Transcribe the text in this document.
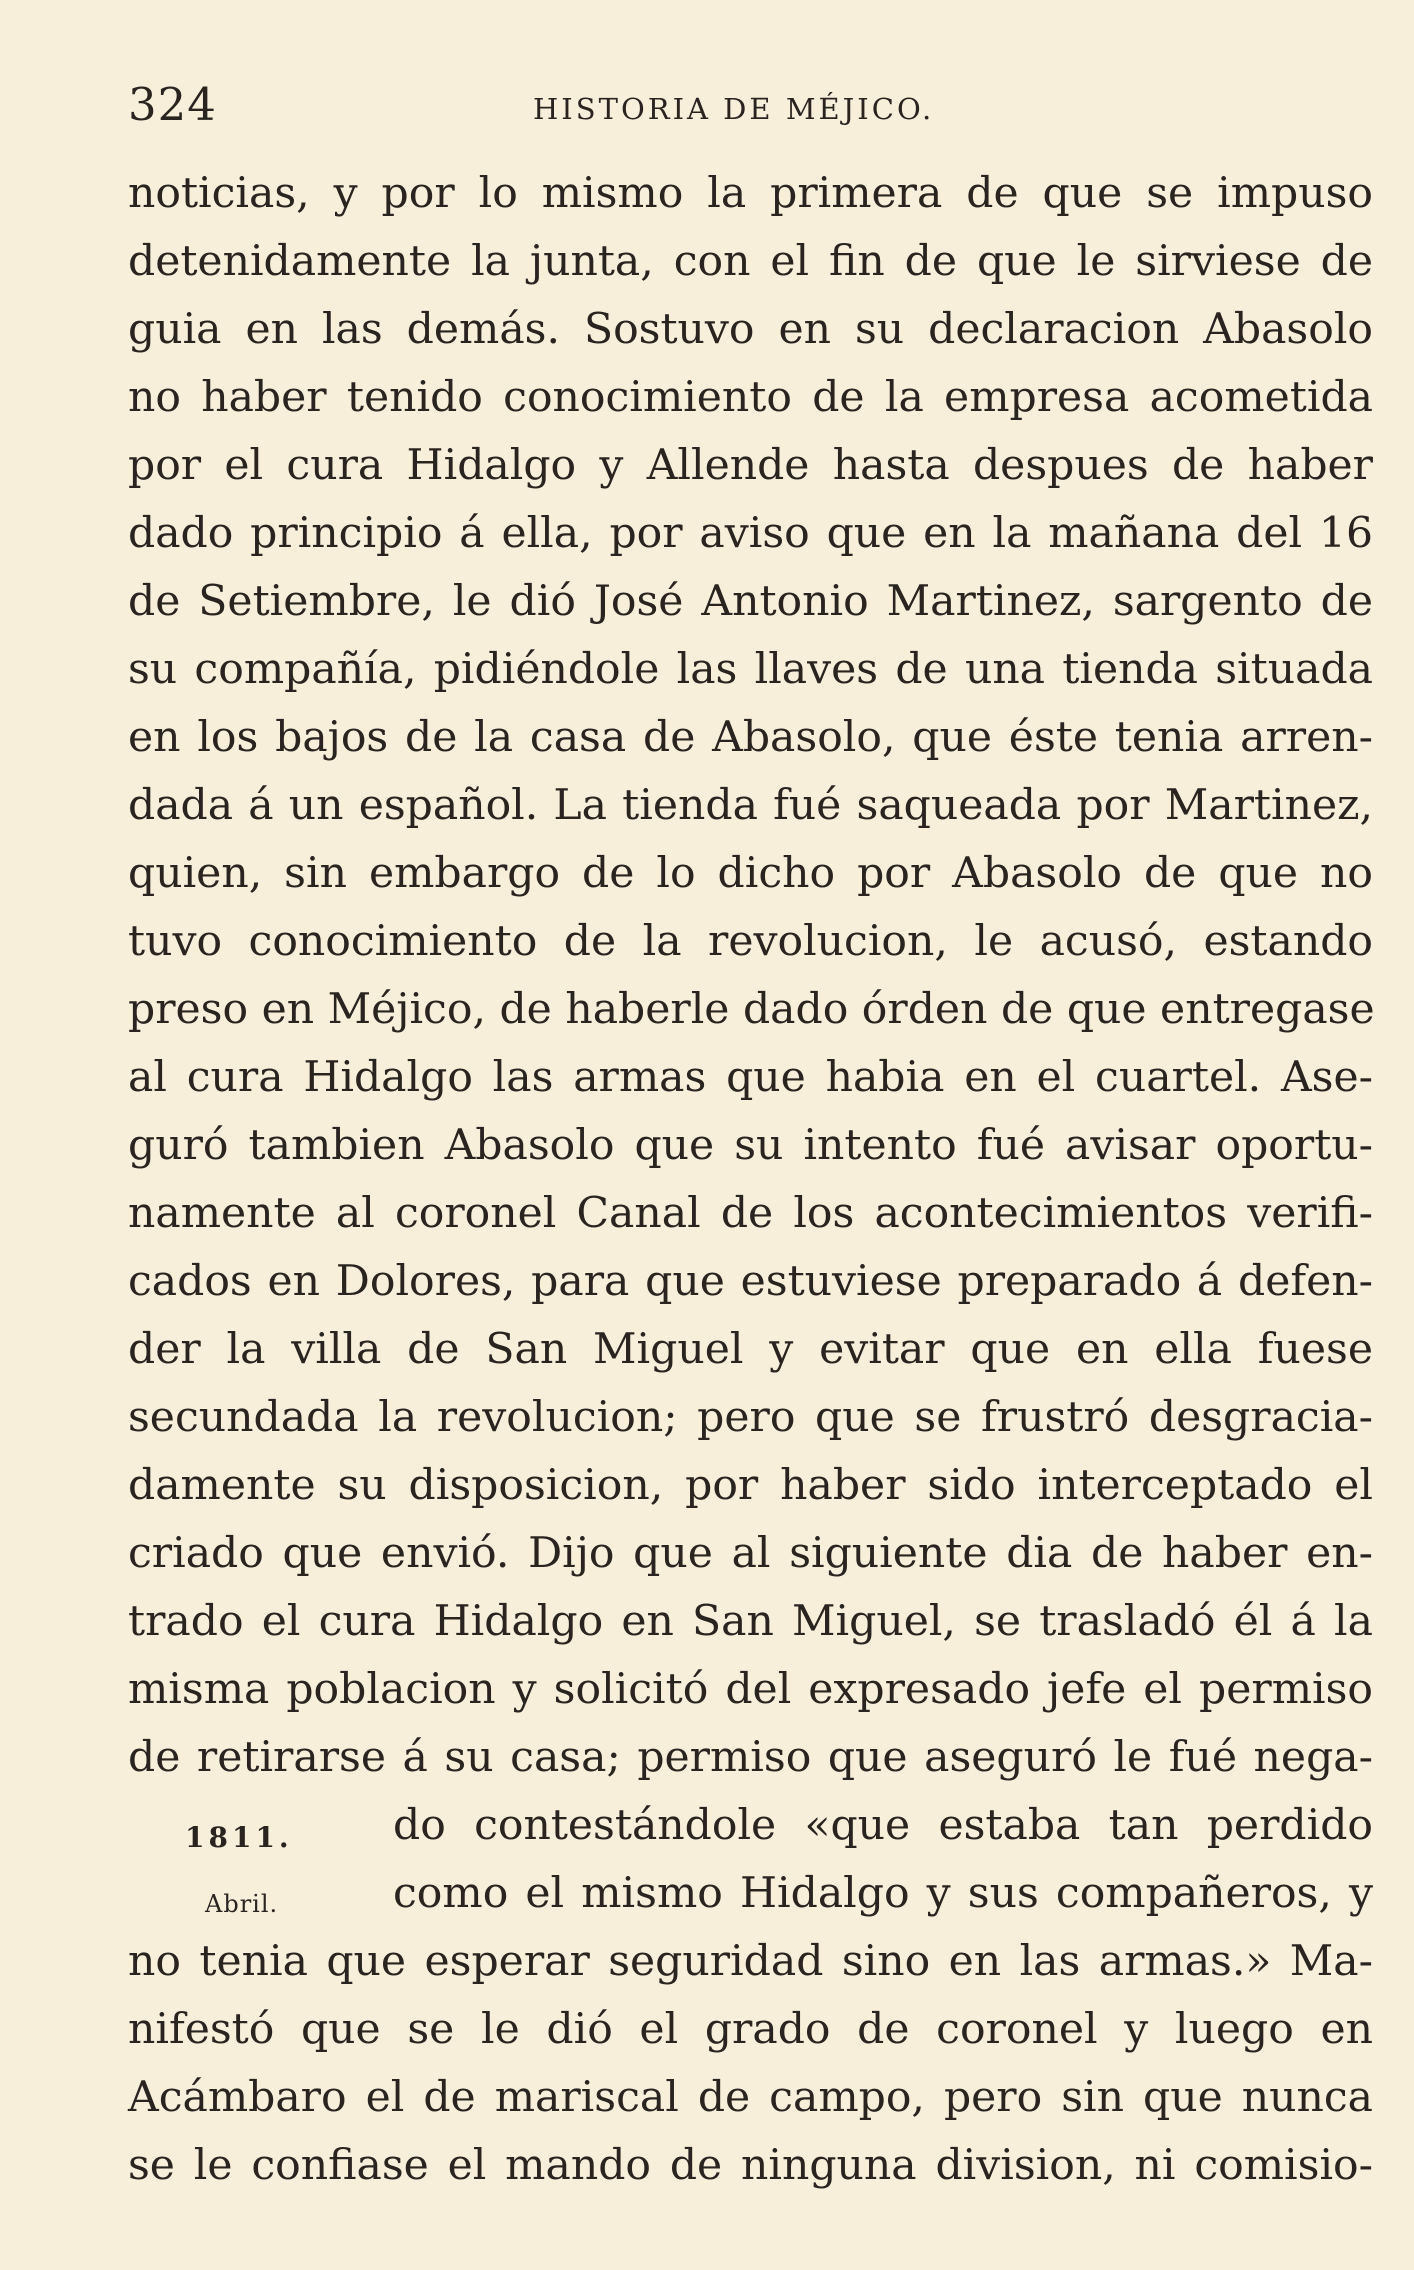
324	HISTORIA DE MÉJICO.
1811.
Abril.
noticias, y por lo mismo la primera de que se impuso
detenidamente la junta, con el fin de que le sirviese de
guia en las demás. Sostuvo en su declaracion Abasolo
no haber tenido conocimiento de la empresa acometida
por el cura Hidalgo y Allende hasta despues de haber
dado principio á ella, por aviso que en la mañana del 16
de Setiembre, le dió José Antonio Martinez, sargento de
su compañía, pidiéndole las llaves de una tienda situada
en los bajos de la casa de Abasolo, que éste tenia arren-
dada á un español. La tienda fué saqueada por Martinez,
quien, sin embargo de lo dicho por Abasolo de que no
tuvo conocimiento de la revolucion, le acusó, estando
preso en Méjico, de haberle dado órden de que entregase
al cura Hidalgo las armas que habia en el cuartel. Ase-
guró tambien Abasolo que su intento fué avisar oportu-
namente al coronel Canal de los acontecimientos verifi-
cados en Dolores, para que estuviese preparado á defen-
der la villa de San Miguel y evitar que en ella fuese
secundada la revolucion; pero que se frustró desgracia-
damente su disposicion, por haber sido interceptado el
criado que envió. Dijo que al siguiente dia de haber en-
trado el cura Hidalgo en San Miguel, se trasladó él á la
misma poblacion y solicitó del expresado jefe el permiso
de retirarse á su casa; permiso que aseguró le fué nega-
do contestándole «que estaba tan perdido
como el mismo Hidalgo y sus compañeros, y
no tenia que esperar seguridad sino en las armas.» Ma-
nifestó que se le dió el grado de coronel y luego en
Acámbaro el de mariscal de campo, pero sin que nunca
se le confiase el mando de ninguna division, ni comisio-
